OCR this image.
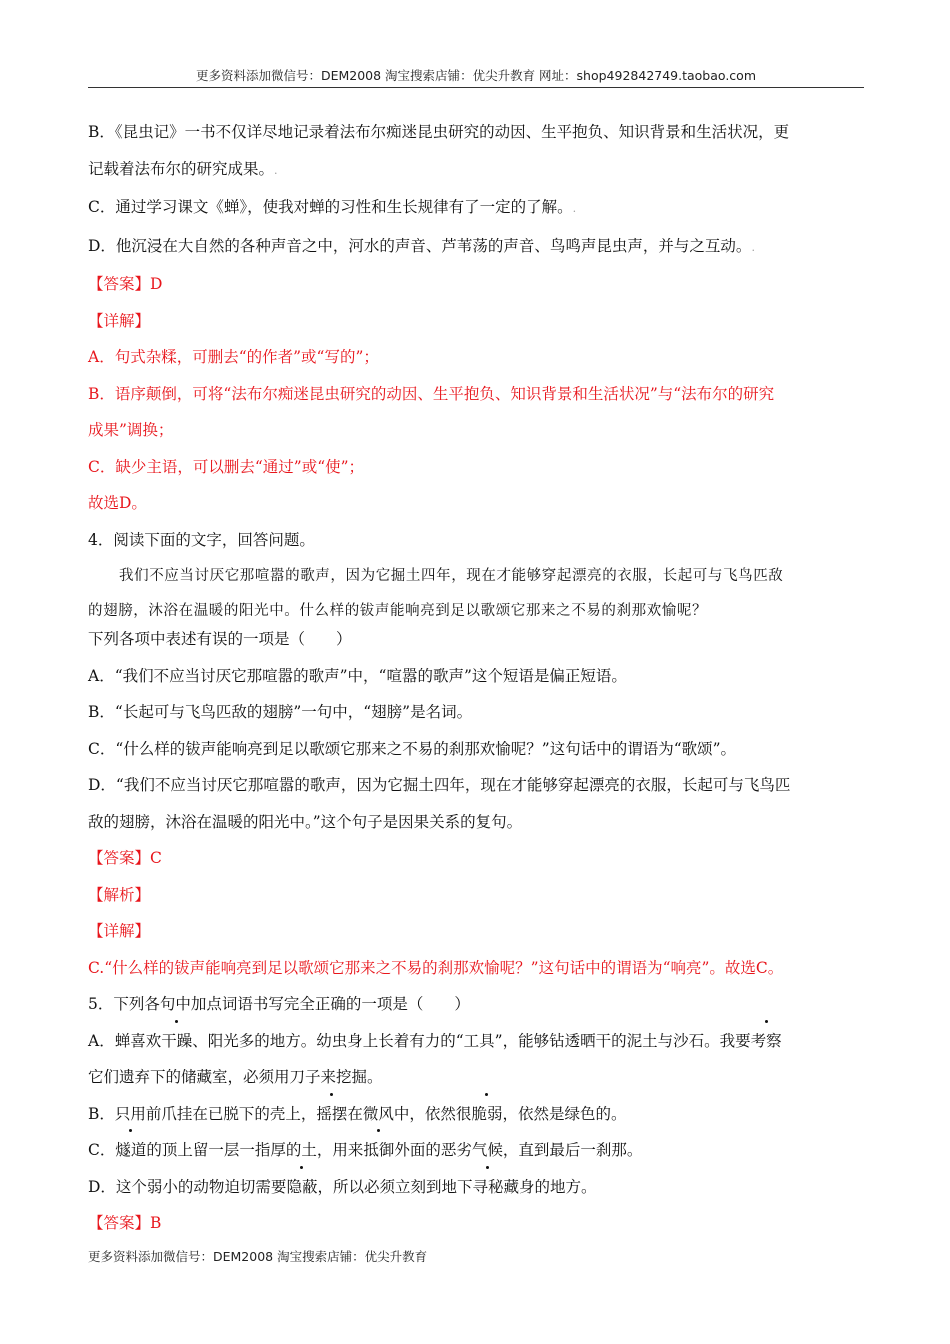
更多资料添加微信号：DEM2008 淘宝搜索店铺：优尖升教育 网址：shop492842749.taobao.com
B．《昆虫记》一书不仅详尽地记录着法布尔痴迷昆虫研究的动因、生平抱负、知识背景和生活状况，更
记载着法布尔的研究成果。.
C．通过学习课文《蝉》，使我对蝉的习性和生长规律有了一定的了解。.
D．他沉浸在大自然的各种声音之中，河水的声音、芦苇荡的声音、鸟鸣声昆虫声，并与之互动。.
【答案】D
【详解】
A．句式杂糅，可删去“的作者”或“写的”；
B．语序颠倒，可将“法布尔痴迷昆虫研究的动因、生平抱负、知识背景和生活状况”与“法布尔的研究
成果”调换；
C．缺少主语，可以删去“通过”或“使”；
故选D。
4．阅读下面的文字，回答问题。
我们不应当讨厌它那喧嚣的歌声，因为它掘土四年，现在才能够穿起漂亮的衣服，长起可与飞鸟匹敌
的翅膀，沐浴在温暖的阳光中。什么样的钹声能响亮到足以歌颂它那来之不易的刹那欢愉呢？
下列各项中表述有误的一项是（　　）
A．“我们不应当讨厌它那喧嚣的歌声”中，“喧嚣的歌声”这个短语是偏正短语。
B．“长起可与飞鸟匹敌的翅膀”一句中，“翅膀”是名词。
C．“什么样的钹声能响亮到足以歌颂它那来之不易的刹那欢愉呢？”这句话中的谓语为“歌颂”。
D．“我们不应当讨厌它那喧嚣的歌声，因为它掘土四年，现在才能够穿起漂亮的衣服，长起可与飞鸟匹
敌的翅膀，沐浴在温暖的阳光中。”这个句子是因果关系的复句。
【答案】C
【解析】
【详解】
C.“什么样的钹声能响亮到足以歌颂它那来之不易的刹那欢愉呢？”这句话中的谓语为“响亮”。故选C。
5．下列各句中加点词语书写完全正确的一项是（　　）
A．蝉喜欢干躁、阳光多的地方。幼虫身上长着有力的“工具”，能够钻透晒干的泥土与沙石。我要考察
它们遗弃下的储藏室，必须用刀子来挖掘。
B．只用前爪挂在已脱下的壳上，摇摆在微风中，依然很脆弱，依然是绿色的。
C．燧道的顶上留一层一指厚的土，用来抵御外面的恶劣气候，直到最后一刹那。
D．这个弱小的动物迫切需要隐蔽，所以必须立刻到地下寻秘藏身的地方。
【答案】B
更多资料添加微信号：DEM2008 淘宝搜索店铺：优尖升教育
